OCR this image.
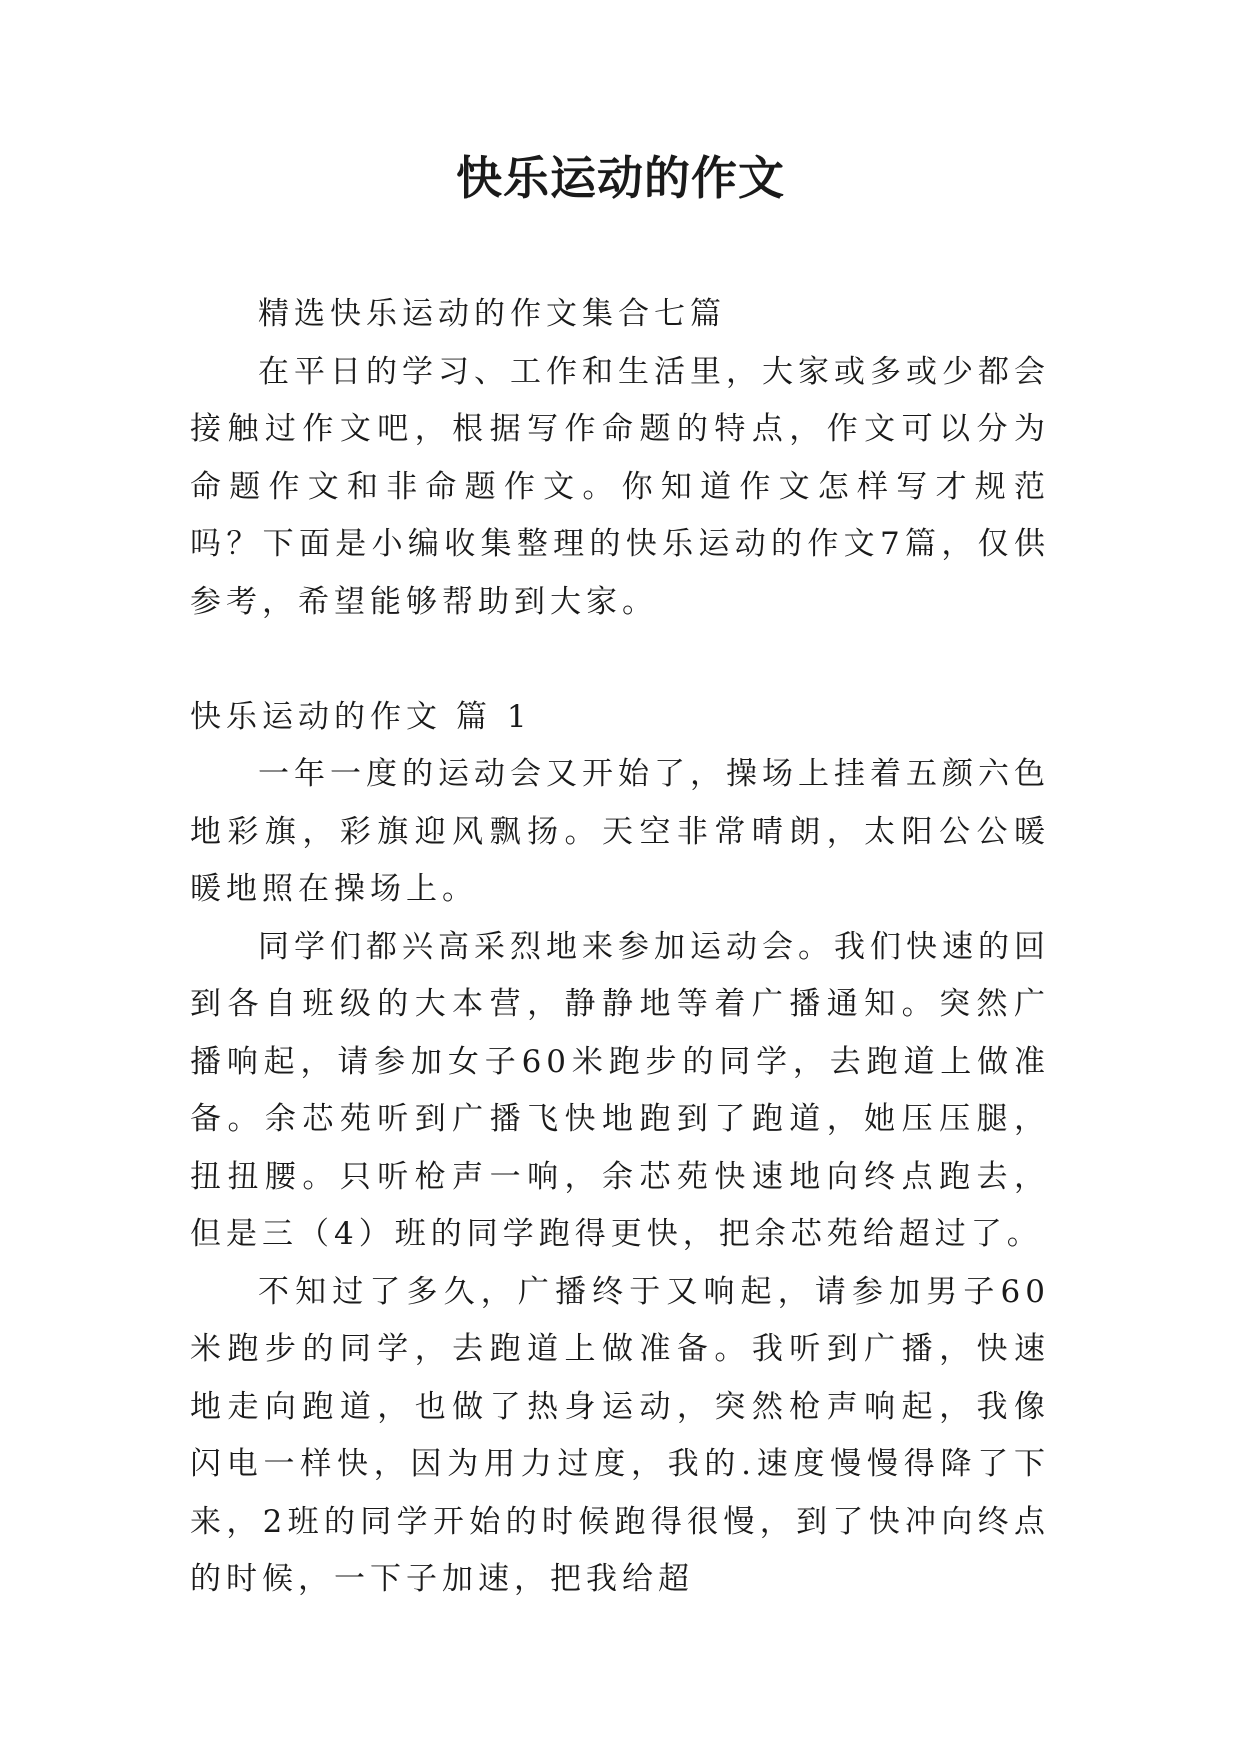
快乐运动的作文

精选快乐运动的作文集合七篇

在平日的学习、工作和生活里，大家或多或少都会接触过作文吧，根据写作命题的特点，作文可以分为命题作文和非命题作文。你知道作文怎样写才规范吗？下面是小编收集整理的快乐运动的作文7篇，仅供参考，希望能够帮助到大家。

快乐运动的作文 篇 1

一年一度的运动会又开始了，操场上挂着五颜六色地彩旗，彩旗迎风飘扬。天空非常晴朗，太阳公公暖暖地照在操场上。

同学们都兴高采烈地来参加运动会。我们快速的回到各自班级的大本营，静静地等着广播通知。突然广播响起，请参加女子60米跑步的同学，去跑道上做准备。余芯苑听到广播飞快地跑到了跑道，她压压腿，扭扭腰。只听枪声一响，余芯苑快速地向终点跑去，但是三（4）班的同学跑得更快，把余芯苑给超过了。

不知过了多久，广播终于又响起，请参加男子60米跑步的同学，去跑道上做准备。我听到广播，快速地走向跑道，也做了热身运动，突然枪声响起，我像闪电一样快，因为用力过度，我的.速度慢慢得降了下来，2班的同学开始的时候跑得很慢，到了快冲向终点的时候，一下子加速，把我给超
